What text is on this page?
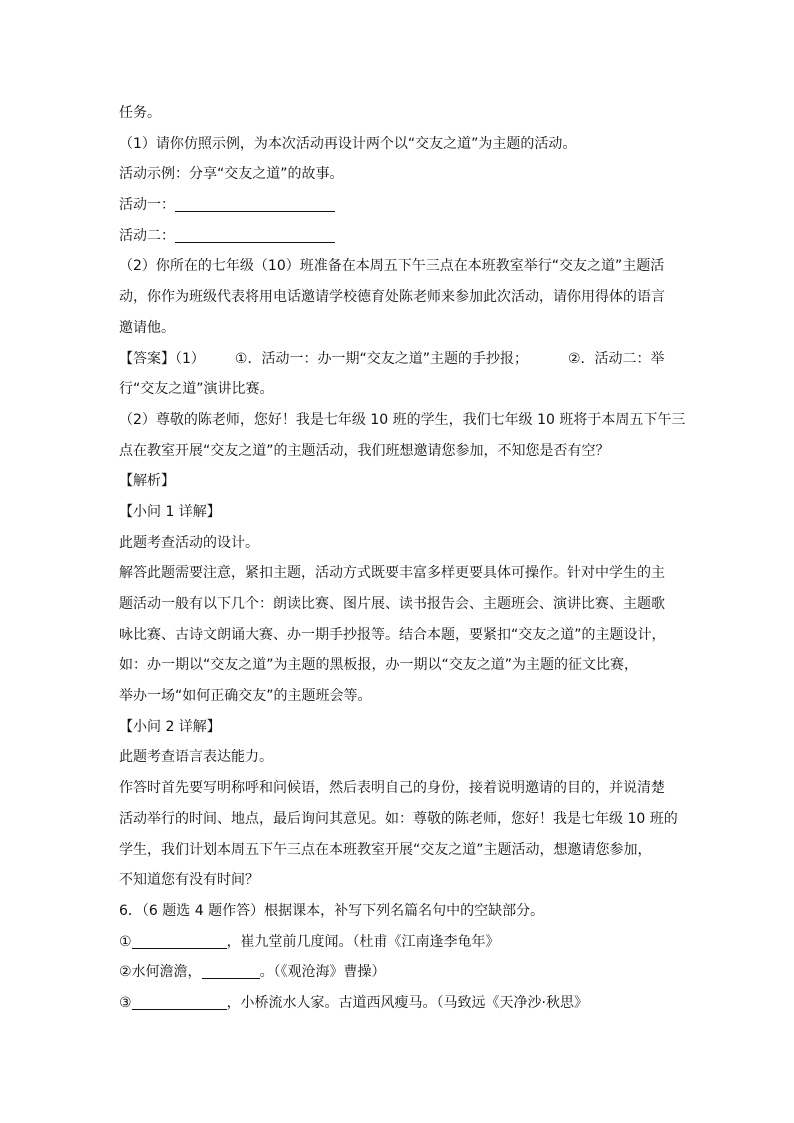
任务。

（1）请你仿照示例，为本次活动再设计两个以“交友之道”为主题的活动。

活动示例：分享“交友之道”的故事。

活动一：

活动二：

（2）你所在的七年级（10）班准备在本周五下午三点在本班教室举行“交友之道”主题活

动，你作为班级代表将用电话邀请学校德育处陈老师来参加此次活动，请你用得体的语言

邀请他。

【答案】（1） ①．活动一：办一期“交友之道”主题的手抄报；	②．活动二：举

行“交友之道”演讲比赛。

（2）尊敬的陈老师，您好！我是七年级 10 班的学生，我们七年级 10 班将于本周五下午三

点在教室开展“交友之道”的主题活动，我们班想邀请您参加，不知您是否有空？

【解析】

【小问 1 详解】

此题考查活动的设计。

解答此题需要注意，紧扣主题，活动方式既要丰富多样更要具体可操作。针对中学生的主

题活动一般有以下几个：朗读比赛、图片展、读书报告会、主题班会、演讲比赛、主题歌

咏比赛、古诗文朗诵大赛、办一期手抄报等。结合本题，要紧扣“交友之道”的主题设计，

如：办一期以“交友之道”为主题的黑板报，办一期以“交友之道”为主题的征文比赛，

举办一场“如何正确交友”的主题班会等。

【小问 2 详解】

此题考查语言表达能力。

作答时首先要写明称呼和问候语，然后表明自己的身份，接着说明邀请的目的，并说清楚

活动举行的时间、地点，最后询问其意见。如：尊敬的陈老师，您好！我是七年级 10 班的

学生，我们计划本周五下午三点在本班教室开展“交友之道”主题活动，想邀请您参加，

不知道您有没有时间？

6．（6 题选 4 题作答）根据课本，补写下列名篇名句中的空缺部分。

①	，崔九堂前几度闻。（杜甫《江南逢李龟年》

②水何澹澹，	。（《观沧海》曹操）

③	，小桥流水人家。古道西风瘦马。（马致远《天净沙·秋思》
